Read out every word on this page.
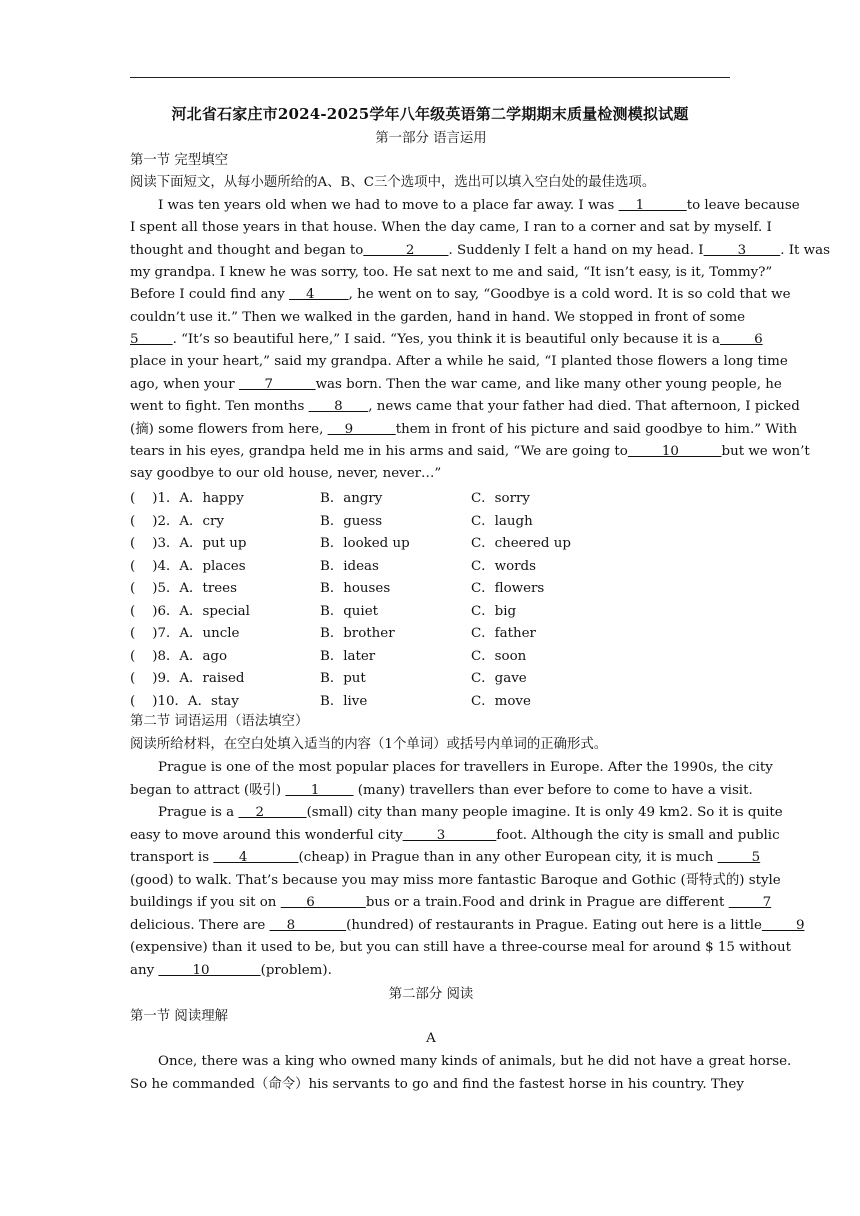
河北省石家庄市2024-2025学年八年级英语第二学期期末质量检测模拟试题
第一部分 语言运用
第一节 完型填空
阅读下面短文，从每小题所给的A、B、C三个选项中，选出可以填入空白处的最佳选项。
I was ten years old when we had to move to a place far away. I was     1          to leave because
I spent all those years in that house. When the day came, I ran to a corner and sat by myself. I
thought and thought and began to          2        . Suddenly I felt a hand on my head. I        3        . It was
my grandpa. I knew he was sorry, too. He sat next to me and said, “It isn’t easy, is it, Tommy?”
Before I could find any     4        , he went on to say, “Goodbye is a cold word. It is so cold that we
couldn’t use it.” Then we walked in the garden, hand in hand. We stopped in front of some
5        . “It’s so beautiful here,” I said. “Yes, you think it is beautiful only because it is a        6
place in your heart,” said my grandpa. After a while he said, “I planted those flowers a long time
ago, when your       7          was born. Then the war came, and like many other young people, he
went to fight. Ten months       8      , news came that your father had died. That afternoon, I picked
(摘) some flowers from here,     9          them in front of his picture and said goodbye to him.” With
tears in his eyes, grandpa held me in his arms and said, “We are going to        10          but we won’t
say goodbye to our old house, never, never…”
(    )1．A．happy	B．angry	C．sorry
(    )2．A．cry	B．guess	C．laugh
(    )3．A．put up	B．looked up	C．cheered up
(    )4．A．places	B．ideas	C．words
(    )5．A．trees	B．houses	C．flowers
(    )6．A．special	B．quiet	C．big
(    )7．A．uncle	B．brother	C．father
(    )8．A．ago	B．later	C．soon
(    )9．A．raised	B．put	C．gave
(    )10．A．stay	B．live	C．move
第二节 词语运用（语法填空）
阅读所给材料，在空白处填入适当的内容（1个单词）或括号内单词的正确形式。
Prague is one of the most popular places for travellers in Europe. After the 1990s, the city
began to attract (吸引)       1         (many) travellers than ever before to come to have a visit.
Prague is a     2          (small) city than many people imagine. It is only 49 km2. So it is quite
easy to move around this wonderful city        3            foot. Although the city is small and public
transport is       4            (cheap) in Prague than in any other European city, it is much         5
(good) to walk. That’s because you may miss more fantastic Baroque and Gothic (哥特式的) style
buildings if you sit on       6            bus or a train.Food and drink in Prague are different         7
delicious. There are     8            (hundred) of restaurants in Prague. Eating out here is a little        9
(expensive) than it used to be, but you can still have a three-course meal for around $ 15 without
any         10            (problem).
第二部分 阅读
第一节 阅读理解
A
Once, there was a king who owned many kinds of animals, but he did not have a great horse.
So he commanded（命令）his servants to go and find the fastest horse in his country. They
